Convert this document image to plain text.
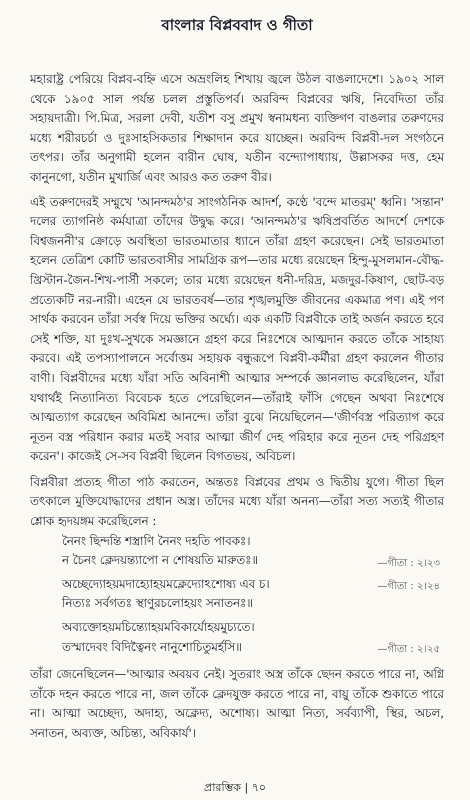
বাংলার বিপ্লববাদ ও গীতা

মহারাষ্ট্র পেরিয়ে বিপ্লব-বহ্নি এসে অভ্রংলিহ শিখায় জ্বলে উঠল বাঙলাদেশে। ১৯০২ সাল থেকে ১৯০৫ সাল পর্যন্ত চলল প্রস্তুতিপর্ব। অরবিন্দ বিপ্লবের ঋষি, নিবেদিতা তাঁর সহায়দাত্রী। পি.মিত্র, সরলা দেবী, যতীশ বসু প্রমুখ স্বনামধন্য ব্যক্তিগণ বাঙলার তরুণদের মধ্যে শরীরচর্চা ও দুঃসাহসিকতার শিক্ষাদান করে যাচ্ছেন। অরবিন্দ বিপ্লবী-দল সংগঠনে তৎপর। তাঁর অনুগামী হলেন বারীন ঘোষ, যতীন বন্দ্যোপাধ্যায়, উল্লাসকর দত্ত, হেম কানুনগো, যতীন মুখার্জি এবং আরও কত তরুণ বীর।

এই তরুণদেরই সম্মুখে 'আনন্দমঠ'র সাংগঠনিক আদর্শ, কণ্ঠে 'বন্দে মাতরম্' ধ্বনি। 'সন্তান' দলের ত্যাগনিষ্ঠ কর্মযাত্রা তাঁদের উদ্বুদ্ধ করে। 'আনন্দমঠ'র ঋষিপ্রবর্তিত আদর্শে দেশকে বিশ্বজননী'র ক্রোড়ে অবস্থিতা ভারতমাতার ধ্যানে তাঁরা গ্রহণ করেছেন। সেই ভারতমাতা হলেন তেত্রিশ কোটি ভারতবাসীর সামগ্রিক রূপ—তার মধ্যে রয়েছেন হিন্দু-মুসলমান-বৌদ্ধ-খ্রিস্টান-জৈন-শিখ-পার্সী সকলে; তার মধ্যে রয়েছেন ধনী-দরিদ্র, মজদুর-কিষাণ, ছোট-বড় প্রত্যেকটি নর-নারী। এহেন যে ভারতবর্ষ—তার শৃঙ্খলমুক্তি জীবনের একমাত্র পণ। এই পণ সার্থক করবেন তাঁরা সর্বস্ব দিয়ে ভক্তির অর্ঘ্যে। এক একটি বিপ্লবীকে তাই অর্জন করতে হবে সেই শক্তি, যা দুঃখ-সুখকে সমজ্ঞানে গ্রহণ করে নিঃশেষে আত্মদান করতে তাঁকে সাহায্য করবে। এই তপস্যাপালনে সর্বোত্তম সহায়ক বন্ধুরূপে বিপ্লবী-কর্মীরা গ্রহণ করলেন গীতার বাণী। বিপ্লবীদের মধ্যে যাঁরা সতি অবিনাশী আত্মার সম্পর্কে জ্ঞানলাভ করেছিলেন, যাঁরা যথার্থই নিত্যানিত্য বিবেচক হতে পেরেছিলেন—তাঁরাই ফাঁসি গেছেন অথবা নিঃশেষে আত্মত্যাগ করেছেন অবিমিশ্র আনন্দে। তাঁরা বুঝে নিয়েছিলেন—'জীর্ণবস্ত্র পরিত্যাগ করে নূতন বস্ত্র পরিধান করার মতই সবার আত্মা জীর্ণ দেহ পরিহার করে নূতন দেহ পরিগ্রহণ করেন'। কাজেই সে-সব বিপ্লবী ছিলেন বিগতভয়, অবিচল।

বিপ্লবীরা প্রত্যহ গীতা পাঠ করতেন, অন্ততঃ বিপ্লবের প্রথম ও দ্বিতীয় যুগে। গীতা ছিল তৎকালে মুক্তিযোদ্ধাদের প্রধান অস্ত্র। তাঁদের মধ্যে যাঁরা অনন্য—তাঁরা সত্য সত্যই গীতার শ্লোক হৃদয়ঙ্গম করেছিলেন :

নৈনং ছিন্দন্তি শস্ত্রাণি নৈনং দহতি পাবকঃ।
ন চৈনং ক্লেদয়ন্ত্যাপো ন শোষয়তি মারুতঃ॥	—গীতা : ২।২৩
অচ্ছেদ্যোহয়মদাহ্যোহয়মক্লেদ্যোঽশোষ্য এব চ।
নিত্যঃ সর্বগতঃ স্থাণুরচলোহয়ং সনাতনঃ॥
—গীতা : ২।২৪
অব্যক্তোহয়মচিন্ত্যোহয়মবিকার্যোহয়মুচ্যতে।
তস্মাদেবং বিদিত্বৈনং নানুশোচিতুমর্হসি॥	—গীতা : ২।২৫

তাঁরা জেনেছিলেন—'আত্মার অবয়ব নেই। সুতরাং অস্ত্র তাঁকে ছেদন করতে পারে না, অগ্নি তাঁকে দহন করতে পারে না, জল তাঁকে ক্লেদযুক্ত করতে পারে না, বায়ু তাঁকে শুকাতে পারে না। আত্মা অচ্ছেদ্য, অদাহ্য, অক্লেদ্য, অশোষ্য। আত্মা নিত্য, সর্বব্যাপী, স্থির, অচল, সনাতন, অব্যক্ত, অচিন্ত্য, অবিকার্য'।

প্রারম্ভিক | ৭০
